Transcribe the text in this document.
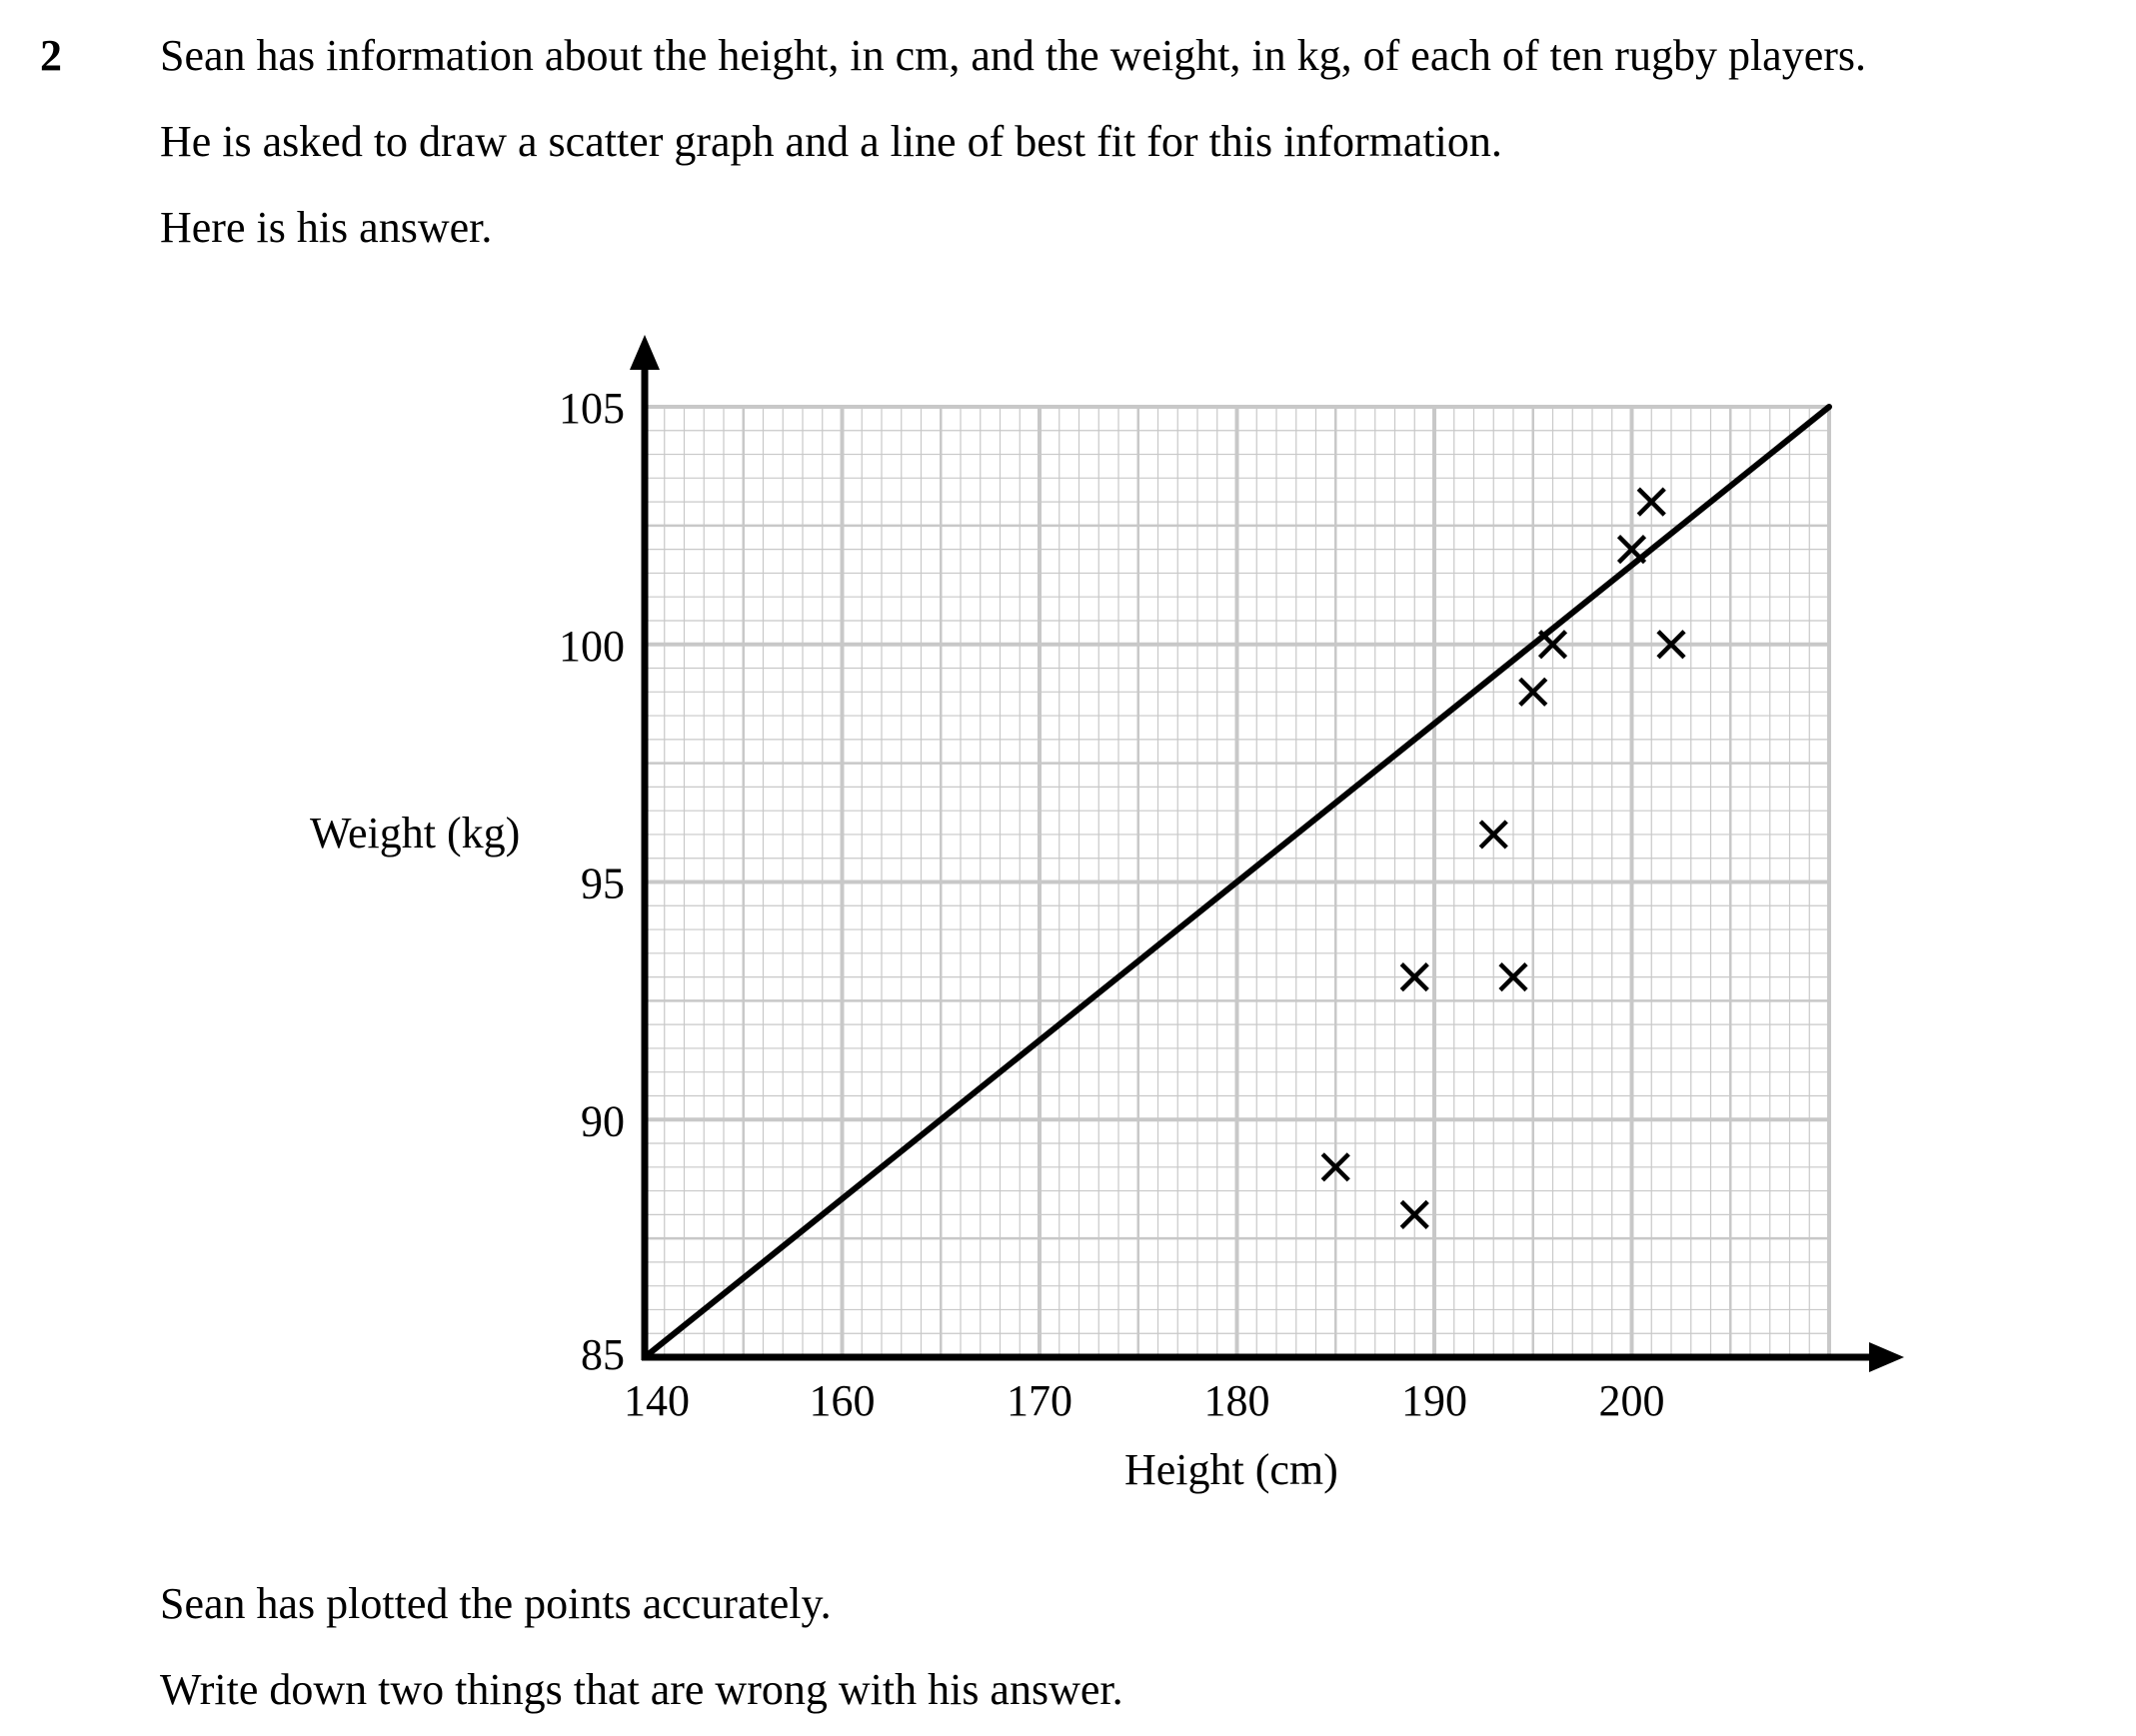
2 Sean has information about the height, in cm, and the weight, in kg, of each of ten rugby players.
He is asked to draw a scatter graph and a line of best fit for this information.
Here is his answer.
140	160	170	180	190	200
85
90
95
100
105
Weight (kg)
Height (cm)
Sean has plotted the points accurately.
Write down two things that are wrong with his answer.
